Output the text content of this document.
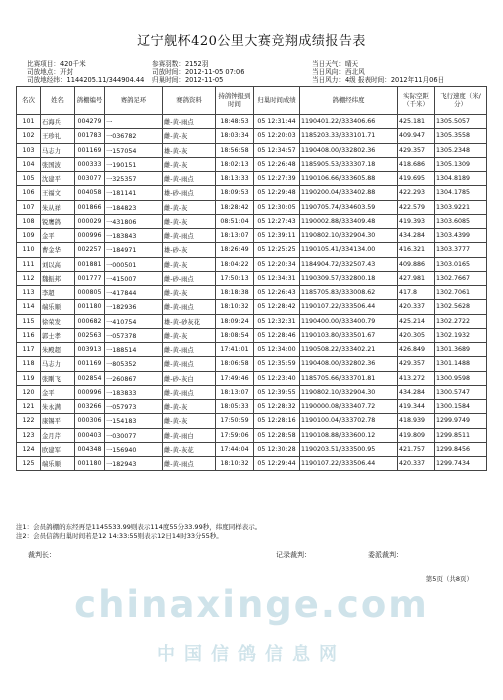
辽宁舰杯420公里大赛竞翔成绩报告表
比赛项目：420千米
司放地点：开封
司放地经纬：1144205.11/344904.44
参赛羽数：2152羽
司放时间：2012-11-05 07:06
归巢时间：2012-11-05
当日天气：晴天
当日风向：西北风
当日风力：4级 报表时间：2012年11月06日
名次	姓名	鸽棚编号	赛鸽足环	赛鸽资料	持鸽钟报到时间	归巢时间成绩	鸽棚经纬度	实际空距（千米）	飞行速度（米/分）
101	石海兵	004279	一	雌-黄-雨点	18:48:53	05 12:31:44	1190401.22/333406.66	425.181	1305.5057
102	王珍礼	001783	一036782	雌-黄-灰	18:03:34	05 12:20:03	1185203.33/333101.71	409.947	1305.3558
103	马志力	001169	一157054	雄-黄-灰	18:56:58	05 12:34:57	1190408.00/332802.36	429.357	1305.2348
104	张国波	000333	一190151	雌-黄-灰	18:02:13	05 12:26:48	1185905.53/333307.18	418.686	1305.1309
105	沈建平	003077	一325357	雌-黄-雨点	18:13:33	05 12:27:39	1190106.66/333605.88	419.695	1304.8189
106	王福文	004058	一181141	雄-砂-雨点	18:09:53	05 12:29:48	1190200.04/333402.88	422.293	1304.1785
107	朱从祥	001866	一184823	雌-黄-灰	18:28:42	05 12:30:05	1190705.74/334603.59	422.579	1303.9221
108	锐鹰鸽	000029	一431806	雌-黄-灰	08:51:04	05 12:27:43	1190002.88/333409.48	419.393	1303.6085
109	金平	000996	一183843	雌-黄-雨点	18:13:07	05 12:39:11	1190802.10/332904.30	434.284	1303.4399
110	曹金华	002257	一184971	雄-砂-灰	18:26:49	05 12:25:25	1190105.41/334134.00	416.321	1303.3777
111	刘以高	001881	一000501	雌-黄-灰	18:04:22	05 12:20:34	1184904.72/332507.43	409.886	1303.0165
112	魏振邦	001777	一415007	雌-砂-雨点	17:50:13	05 12:34:31	1190309.57/332800.18	427.981	1302.7667
113	李超	000805	一417844	雌-黄-灰	18:18:38	05 12:26:43	1185705.83/333008.62	417.8	1302.7061
114	端乐顺	001180	一182936	雌-黄-雨点	18:10:32	05 12:28:42	1190107.22/333506.44	420.337	1302.5628
115	徐荣发	000682	一410754	雄-黄-砂灰花	18:09:24	05 12:32:31	1190400.00/333400.79	425.214	1302.2722
116	郭士孝	002563	一057378	雌-黄-灰	18:08:54	05 12:28:46	1190103.80/333501.67	420.305	1302.1932
117	朱殿超	003913	一188514	雌-黄-雨点	17:41:01	05 12:34:00	1190508.22/333402.21	426.849	1301.3689
118	马志力	001169	一805352	雌-黄-雨点	18:06:58	05 12:35:59	1190408.00/332802.36	429.357	1301.1488
119	张剛飞	002854	一260867	雌-砂-灰白	17:49:46	05 12:23:40	1185705.66/333701.81	413.272	1300.9598
120	金平	000996	一183833	雌-黄-雨点	18:13:07	05 12:39:55	1190802.10/332904.30	434.284	1300.5747
121	朱永满	003266	一057973	雌-黄-灰	18:05:33	05 12:28:32	1190000.08/333407.72	419.344	1300.1584
122	康锡平	000306	一154183	雌-黄-灰	17:50:59	05 12:28:16	1190100.04/333702.78	418.939	1299.9749
123	金月芹	000403	一030077	雌-黄-雨白	17:59:06	05 12:28:58	1190108.88/333600.12	419.809	1299.8511
124	欧建军	004348	一156940	雌-黄-灰花	17:44:04	05 12:30:28	1190203.51/333500.95	421.757	1299.8456
125	端乐顺	001180	一182943	雌-黄-雨点	18:10:32	05 12:29:44	1190107.22/333506.44	420.337	1299.7434
注1：会员鸽棚的东经再是1145533.99则表示114度55分33.99秒，纬度同样表示。
注2：会员信鸽归巢时间若是12 14:33:55则表示12日14时33分55秒。
裁判长：	记录裁判：	委派裁判：
第5页（共8页）
chinaxinge.com
中国信鸽信息网
